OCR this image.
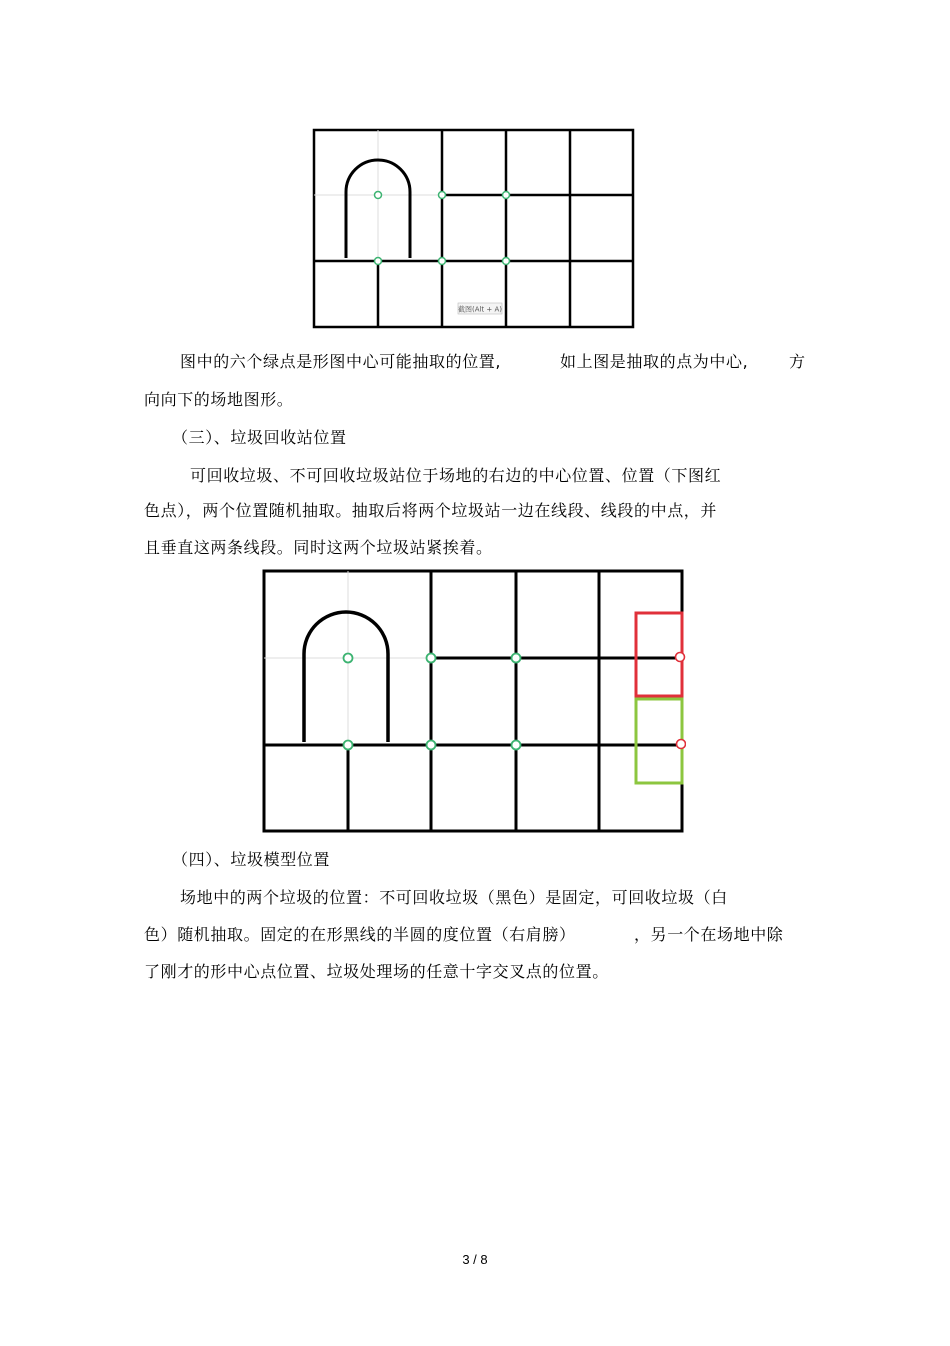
截图(Alt + A)
图中的六个绿点是形图中心可能抽取的位置,	如上图是抽取的点为中心,	方
向向下的场地图形。
（三）、垃圾回收站位置
可回收垃圾、不可回收垃圾站位于场地的右边的中心位置、位置（下图红
色点），两个位置随机抽取。抽取后将两个垃圾站一边在线段、线段的中点，并
且垂直这两条线段。同时这两个垃圾站紧挨着。
（四）、垃圾模型位置
场地中的两个垃圾的位置：不可回收垃圾（黑色）是固定，可回收垃圾（白
色）随机抽取。固定的在形黑线的半圆的度位置（右肩膀）	，另一个在场地中除
了刚才的形中心点位置、垃圾处理场的任意十字交叉点的位置。
3 / 8
